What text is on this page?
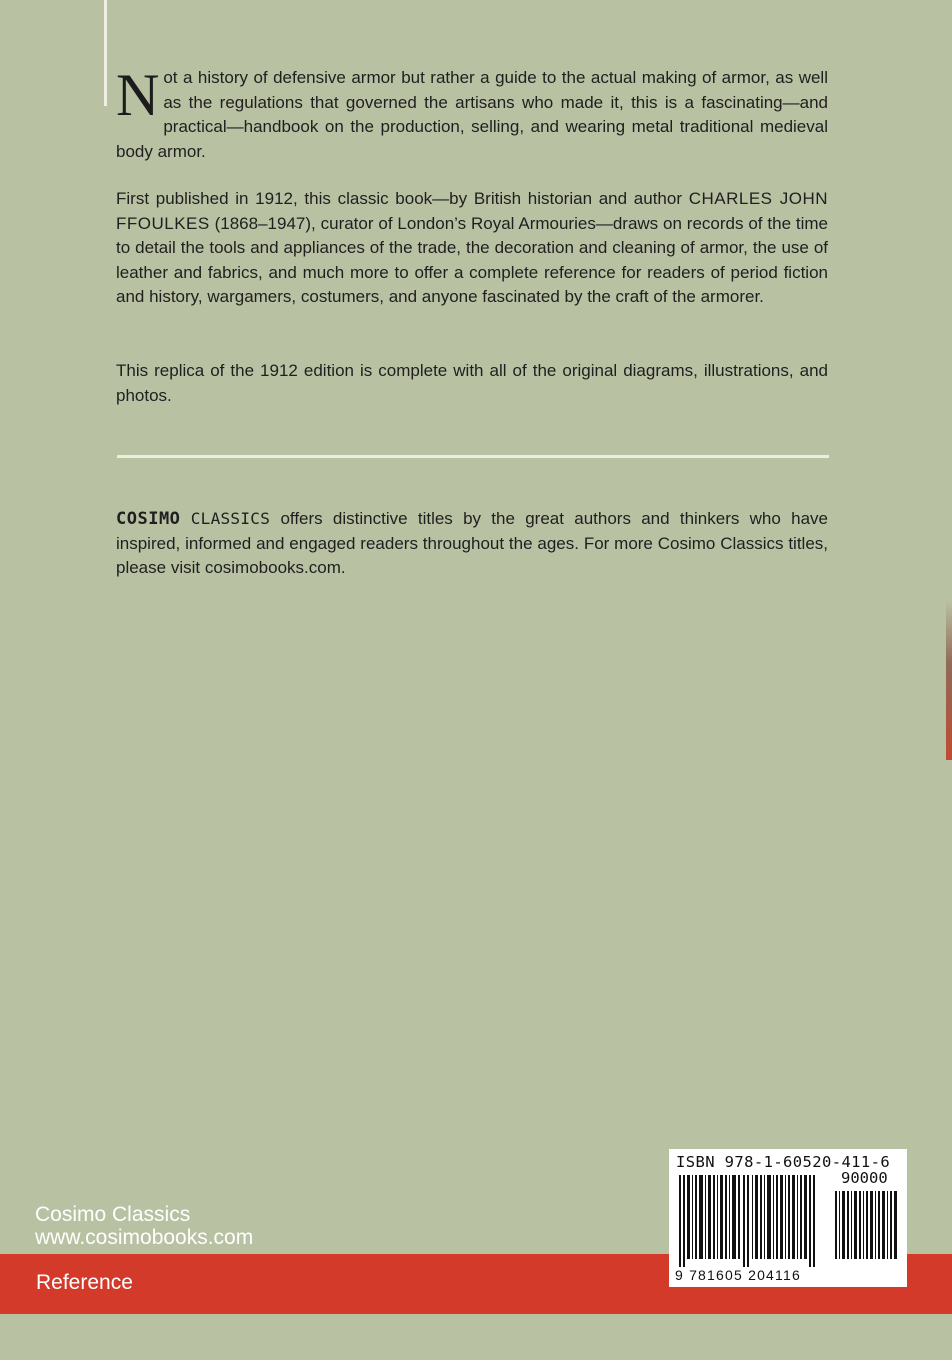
Not a history of defensive armor but rather a guide to the actual making of armor, as well as the regulations that governed the artisans who made it, this is a fascinating—and practical—handbook on the production, selling, and wearing metal traditional medieval body armor.
First published in 1912, this classic book—by British historian and author CHARLES JOHN FFOULKES (1868–1947), curator of London’s Royal Armouries—draws on records of the time to detail the tools and appliances of the trade, the decoration and cleaning of armor, the use of leather and fabrics, and much more to offer a complete reference for readers of period fiction and history, wargamers, costumers, and anyone fascinated by the craft of the armorer.
This replica of the 1912 edition is complete with all of the original diagrams, illustrations, and photos.
COSIMO CLASSICS offers distinctive titles by the great authors and thinkers who have inspired, informed and engaged readers throughout the ages. For more Cosimo Classics titles, please visit cosimobooks.com.
Cosimo Classics
www.cosimobooks.com
Reference
ISBN 978-1-60520-411-6
90000
9 781605 204116
